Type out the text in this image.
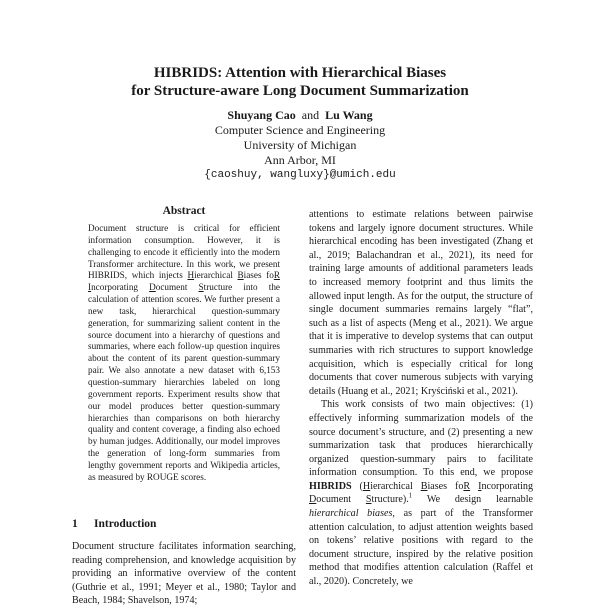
HIBRIDS: Attention with Hierarchical Biases
for Structure-aware Long Document Summarization
Shuyang Cao and Lu Wang
Computer Science and Engineering
University of Michigan
Ann Arbor, MI
{caoshuy, wangluxy}@umich.edu
Abstract
Document structure is critical for efficient information consumption. However, it is challenging to encode it efficiently into the modern Transformer architecture. In this work, we present HIBRIDS, which injects Hierarchical Biases foR Incorporating Document Structure into the calculation of attention scores. We further present a new task, hierarchical question-summary generation, for summarizing salient content in the source document into a hierarchy of questions and summaries, where each follow-up question inquires about the content of its parent question-summary pair. We also annotate a new dataset with 6,153 question-summary hierarchies labeled on long government reports. Experiment results show that our model produces better question-summary hierarchies than comparisons on both hierarchy quality and content coverage, a finding also echoed by human judges. Additionally, our model improves the generation of long-form summaries from lengthy government reports and Wikipedia articles, as measured by ROUGE scores.
1 Introduction

Document structure facilitates information searching, reading comprehension, and knowledge acquisition by providing an informative overview of the content (Guthrie et al., 1991; Meyer et al., 1980; Taylor and Beach, 1984; Shavelson, 1974;

attentions to estimate relations between pairwise tokens and largely ignore document structures. While hierarchical encoding has been investigated (Zhang et al., 2019; Balachandran et al., 2021), its need for training large amounts of additional parameters leads to increased memory footprint and thus limits the allowed input length. As for the output, the structure of single document summaries remains largely “flat”, such as a list of aspects (Meng et al., 2021). We argue that it is imperative to develop systems that can output summaries with rich structures to support knowledge acquisition, which is especially critical for long documents that cover numerous subjects with varying details (Huang et al., 2021; Kryściński et al., 2021).

This work consists of two main objectives: (1) effectively informing summarization models of the source document’s structure, and (2) presenting a new summarization task that produces hierarchically organized question-summary pairs to facilitate information consumption. To this end, we propose HIBRIDS (Hierarchical Biases foR Incorporating Document Structure).$^1$ We design learnable hierarchical biases, as part of the Transformer attention calculation, to adjust attention weights based on tokens’ relative positions with regard to the document structure, inspired by the relative position method that modifies attention calculation (Raffel et al., 2020). Concretely, we
